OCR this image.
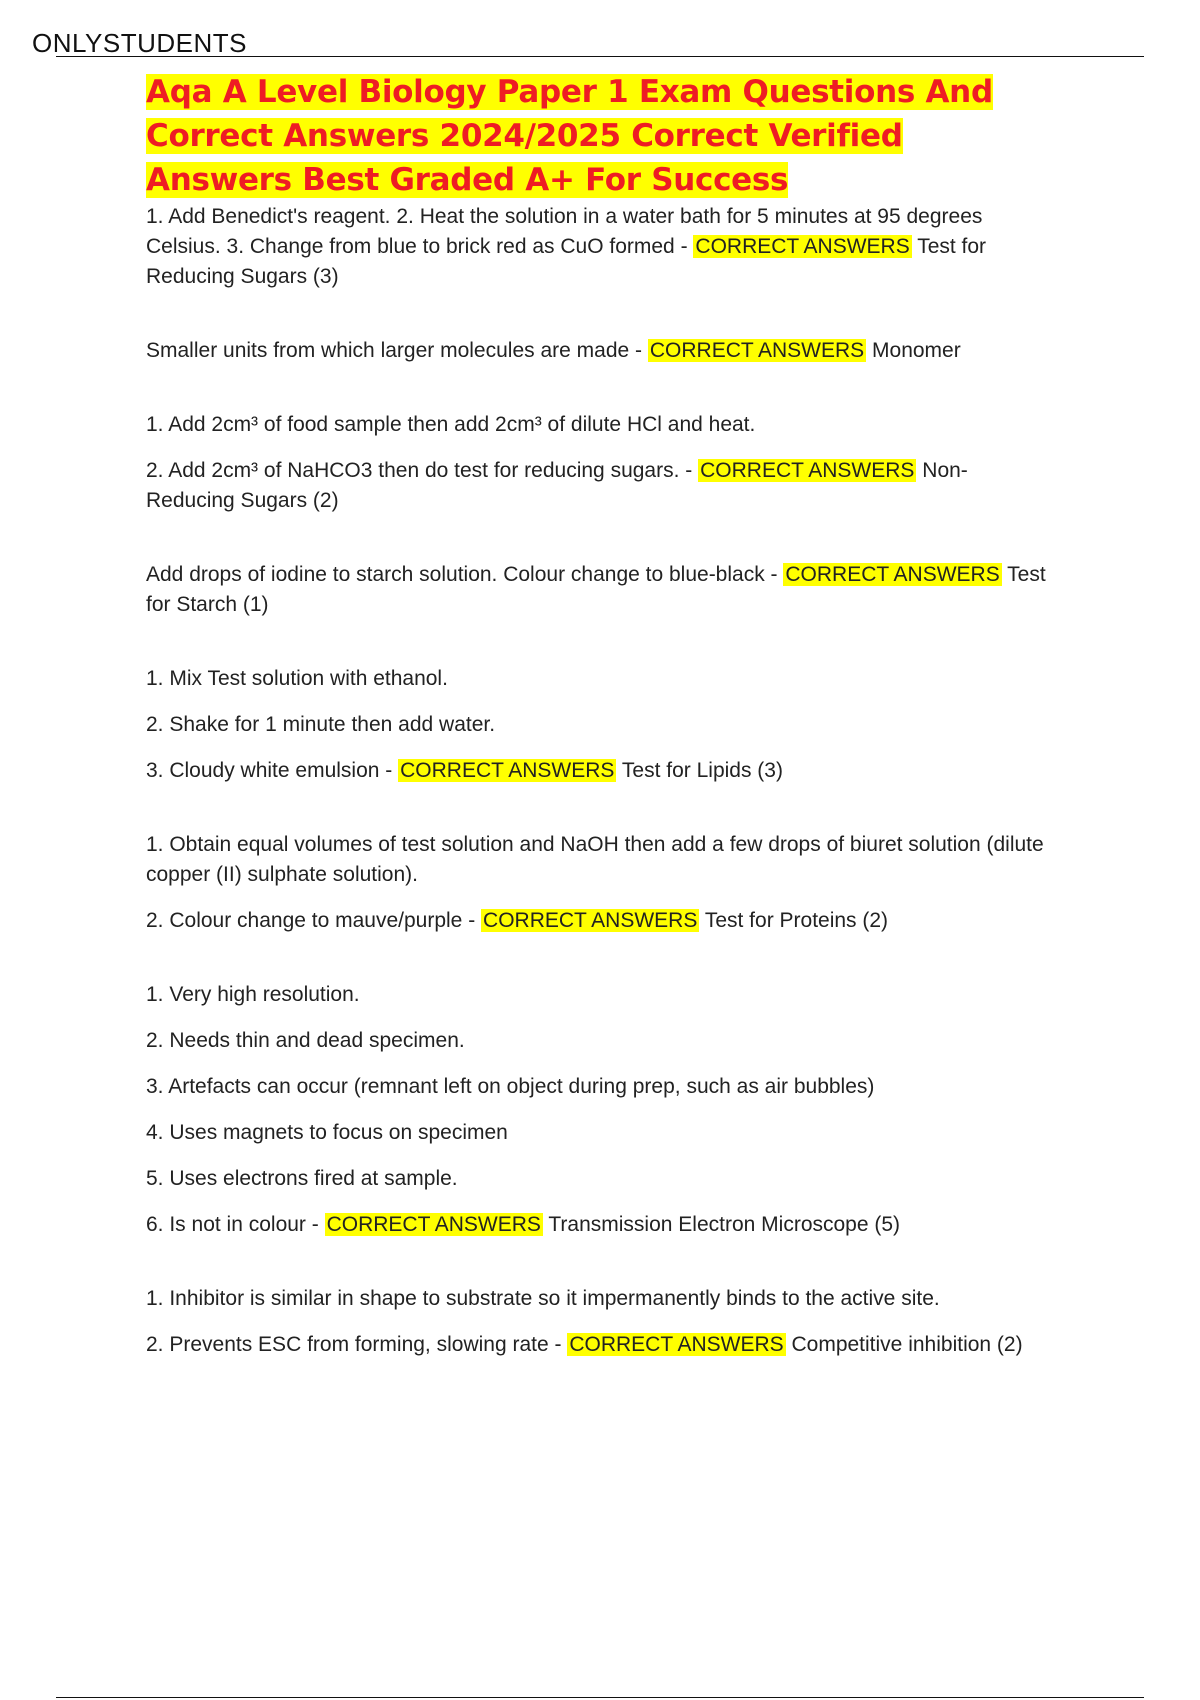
ONLYSTUDENTS
Aqa A Level Biology Paper 1 Exam Questions And Correct Answers 2024/2025 Correct Verified Answers Best Graded A+ For Success

1. Add Benedict's reagent. 2. Heat the solution in a water bath for 5 minutes at 95 degrees Celsius. 3. Change from blue to brick red as CuO formed - CORRECT ANSWERS Test for Reducing Sugars (3)

Smaller units from which larger molecules are made - CORRECT ANSWERS Monomer

1. Add 2cm³ of food sample then add 2cm³ of dilute HCl and heat.

2. Add 2cm³ of NaHCO3 then do test for reducing sugars. - CORRECT ANSWERS Non-Reducing Sugars (2)

Add drops of iodine to starch solution. Colour change to blue-black - CORRECT ANSWERS Test for Starch (1)

1. Mix Test solution with ethanol.

2. Shake for 1 minute then add water.

3. Cloudy white emulsion - CORRECT ANSWERS Test for Lipids (3)

1. Obtain equal volumes of test solution and NaOH then add a few drops of biuret solution (dilute copper (II) sulphate solution).

2. Colour change to mauve/purple - CORRECT ANSWERS Test for Proteins (2)

1. Very high resolution.

2. Needs thin and dead specimen.

3. Artefacts can occur (remnant left on object during prep, such as air bubbles)

4. Uses magnets to focus on specimen

5. Uses electrons fired at sample.

6. Is not in colour - CORRECT ANSWERS Transmission Electron Microscope (5)

1. Inhibitor is similar in shape to substrate so it impermanently binds to the active site.

2. Prevents ESC from forming, slowing rate - CORRECT ANSWERS Competitive inhibition (2)
